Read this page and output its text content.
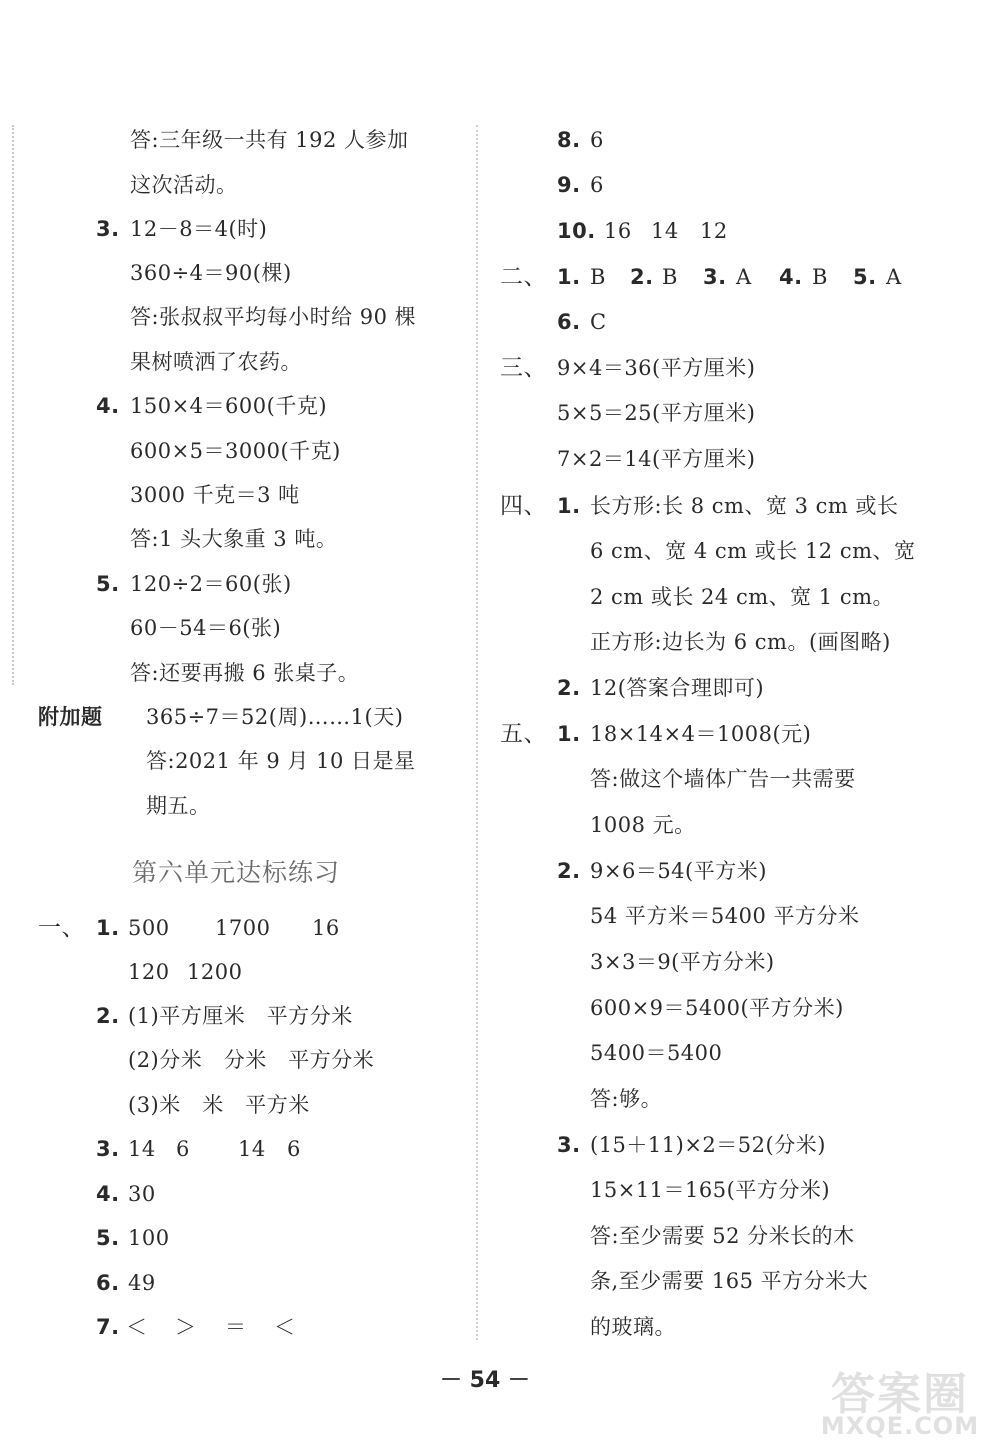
答:三年级一共有 192 人参加
这次活动。
3. 12－8＝4(时)
360÷4＝90(棵)
答:张叔叔平均每小时给 90 棵
果树喷洒了农药。
4. 150×4＝600(千克)
600×5＝3000(千克)
3000 千克＝3 吨
答:1 头大象重 3 吨。
5. 120÷2＝60(张)
60－54＝6(张)
答:还要再搬 6 张桌子。
附加题 365÷7＝52(周)……1(天)
答:2021 年 9 月 10 日是星
期五。
第六单元达标练习
一、 1. 500 1700 16
120 1200
2. (1)平方厘米　平方分米
(2)分米　分米　平方分米
(3)米　米　平方米
3. 14 6 14 6
4. 30
5. 100
6. 49
7. ＜ ＞ ＝ ＜
8. 6
9. 6
10. 16 14 12
二、 1. B 2. B 3. A 4. B 5. A
6. C
三、 9×4＝36(平方厘米)
5×5＝25(平方厘米)
7×2＝14(平方厘米)
四、 1. 长方形:长 8 cm、宽 3 cm 或长
6 cm、宽 4 cm 或长 12 cm、宽
2 cm 或长 24 cm、宽 1 cm。
正方形:边长为 6 cm。(画图略)
2. 12(答案合理即可)
五、 1. 18×14×4＝1008(元)
答:做这个墙体广告一共需要
1008 元。
2. 9×6＝54(平方米)
54 平方米＝5400 平方分米
3×3＝9(平方分米)
600×9＝5400(平方分米)
5400＝5400
答:够。
3. (15＋11)×2＝52(分米)
15×11＝165(平方分米)
答:至少需要 52 分米长的木
条,至少需要 165 平方分米大
的玻璃。
－ 54 －	答案圈
MXQE.COM
